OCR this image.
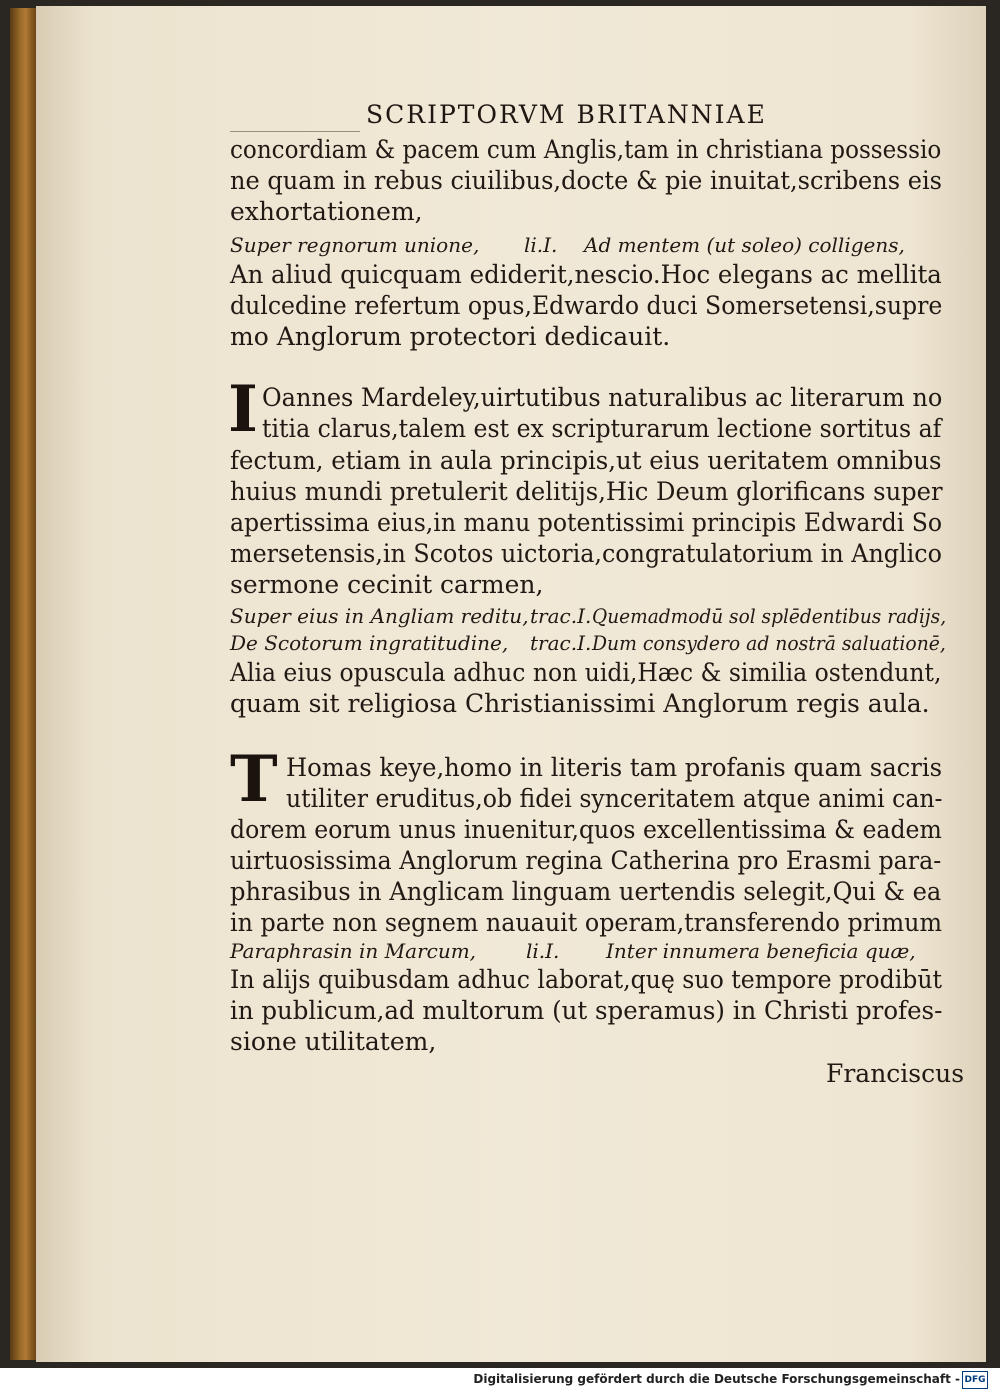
SCRIPTORVM BRITANNIAE
concordiam & pacem cum Anglis,tam in christiana possessio
ne quam in rebus ciuilibus,docte & pie inuitat,scribens eis
exhortationem,
Super regnorum unione, li.I. Ad mentem (ut soleo) colligens,
An aliud quicquam ediderit,nescio.Hoc elegans ac mellita
dulcedine refertum opus,Edwardo duci Somersetensi,supre
mo Anglorum protectori dedicauit.
I Oannes Mardeley,uirtutibus naturalibus ac literarum no
titia clarus,talem est ex scripturarum lectione sortitus af
fectum, etiam in aula principis,ut eius ueritatem omnibus
huius mundi pretulerit delitijs,Hic Deum glorificans super
apertissima eius,in manu potentissimi principis Edwardi So
mersetensis,in Scotos uictoria,congratulatorium in Anglico
sermone cecinit carmen,
Super eius in Angliam reditu, trac.I. Quemadmodū sol splēdentibus radijs,
De Scotorum ingratitudine, trac.I. Dum consydero ad nostrā saluationē,
Alia eius opuscula adhuc non uidi,Hæc & similia ostendunt,
quam sit religiosa Christianissimi Anglorum regis aula.
T Homas keye,homo in literis tam profanis quam sacris
utiliter eruditus,ob fidei synceritatem atque animi can-
dorem eorum unus inuenitur,quos excellentissima & eadem
uirtuosissima Anglorum regina Catherina pro Erasmi para-
phrasibus in Anglicam linguam uertendis selegit,Qui & ea
in parte non segnem nauauit operam,transferendo primum
Paraphrasin in Marcum, li.I. Inter innumera beneficia quæ,
In alijs quibusdam adhuc laborat,quę suo tempore prodibūt
in publicum,ad multorum (ut speramus) in Christi profes-
sione utilitatem,
Franciscus
Digitalisierung gefördert durch die Deutsche Forschungsgemeinschaft - DFG
